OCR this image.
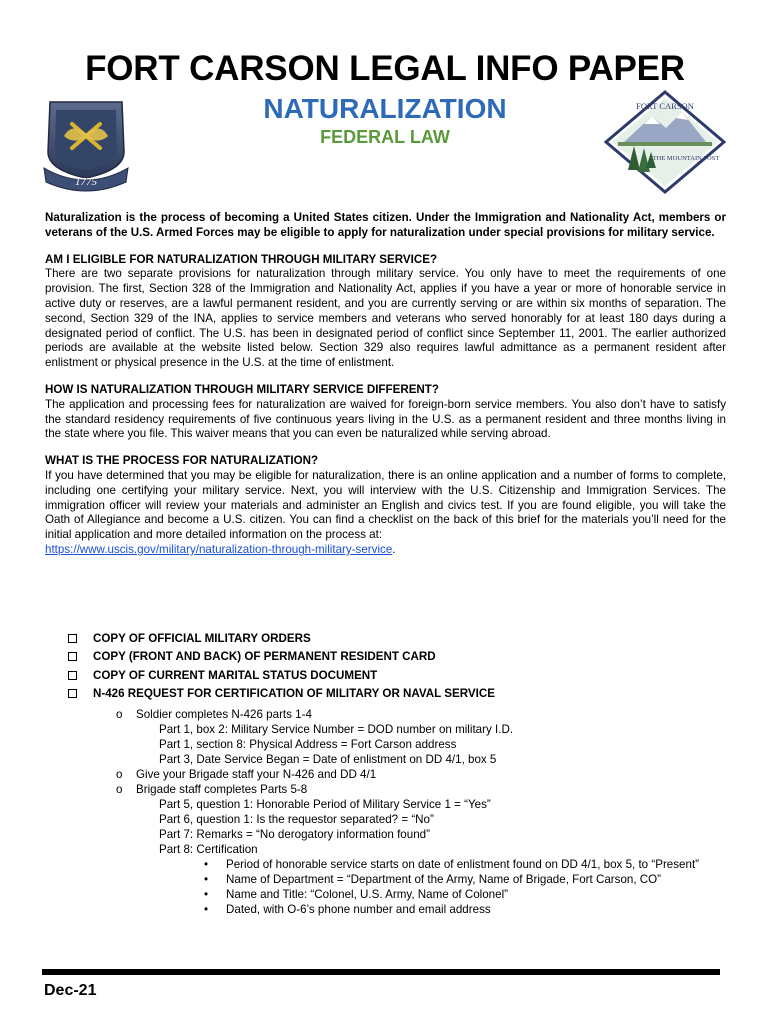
FORT CARSON LEGAL INFO PAPER
NATURALIZATION
FEDERAL LAW
1775
FORT CARSON
THE MOUNTAIN POST

Naturalization is the process of becoming a United States citizen. Under the Immigration and Nationality Act, members or veterans of the U.S. Armed Forces may be eligible to apply for naturalization under special provisions for military service.

AM I ELIGIBLE FOR NATURALIZATION THROUGH MILITARY SERVICE?

There are two separate provisions for naturalization through military service. You only have to meet the requirements of one provision. The first, Section 328 of the Immigration and Nationality Act, applies if you have a year or more of honorable service in active duty or reserves, are a lawful permanent resident, and you are currently serving or are within six months of separation. The second, Section 329 of the INA, applies to service members and veterans who served honorably for at least 180 days during a designated period of conflict. The U.S. has been in designated period of conflict since September 11, 2001. The earlier authorized periods are available at the website listed below. Section 329 also requires lawful admittance as a permanent resident after enlistment or physical presence in the U.S. at the time of enlistment.

HOW IS NATURALIZATION THROUGH MILITARY SERVICE DIFFERENT?

The application and processing fees for naturalization are waived for foreign-born service members. You also don’t have to satisfy the standard residency requirements of five continuous years living in the U.S. as a permanent resident and three months living in the state where you file. This waiver means that you can even be naturalized while serving abroad.

WHAT IS THE PROCESS FOR NATURALIZATION?

If you have determined that you may be eligible for naturalization, there is an online application and a number of forms to complete, including one certifying your military service. Next, you will interview with the U.S. Citizenship and Immigration Services. The immigration officer will review your materials and administer an English and civics test. If you are found eligible, you will take the Oath of Allegiance and become a U.S. citizen. You can find a checklist on the back of this brief for the materials you’ll need for the initial application and more detailed information on the process at:
https://www.uscis.gov/military/naturalization-through-military-service.

COPY OF OFFICIAL MILITARY ORDERS
COPY (FRONT AND BACK) OF PERMANENT RESIDENT CARD
COPY OF CURRENT MARITAL STATUS DOCUMENT
N-426 REQUEST FOR CERTIFICATION OF MILITARY OR NAVAL SERVICE
o Soldier completes N-426 parts 1-4
Part 1, box 2: Military Service Number = DOD number on military I.D.
Part 1, section 8: Physical Address = Fort Carson address
Part 3, Date Service Began = Date of enlistment on DD 4/1, box 5
o Give your Brigade staff your N-426 and DD 4/1
o Brigade staff completes Parts 5-8
Part 5, question 1: Honorable Period of Military Service 1 = “Yes”
Part 6, question 1: Is the requestor separated? = “No”
Part 7: Remarks = “No derogatory information found”
Part 8: Certification
• Period of honorable service starts on date of enlistment found on DD 4/1, box 5, to “Present”
• Name of Department = “Department of the Army, Name of Brigade, Fort Carson, CO”
• Name and Title: “Colonel, U.S. Army, Name of Colonel”
• Dated, with O-6’s phone number and email address
Dec-21
